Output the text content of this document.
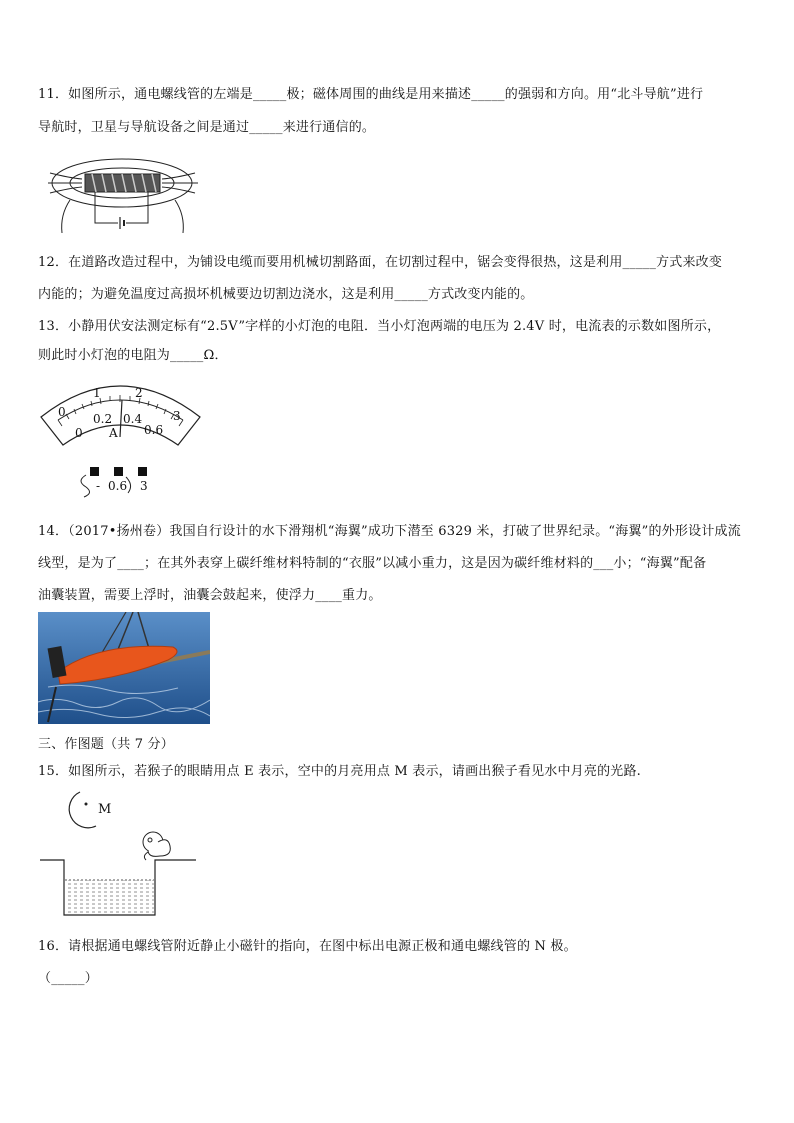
11．如图所示，通电螺线管的左端是_____极；磁体周围的曲线是用来描述_____的强弱和方向。用“北斗导航”进行
导航时，卫星与导航设备之间是通过_____来进行通信的。
12．在道路改造过程中，为铺设电缆而要用机械切割路面，在切割过程中，锯会变得很热，这是利用_____方式来改变
内能的；为避免温度过高损坏机械要边切割边浇水，这是利用_____方式改变内能的。
13．小静用伏安法测定标有“2.5V”字样的小灯泡的电阻．当小灯泡两端的电压为 2.4V 时，电流表的示数如图所示，
则此时小灯泡的电阻为_____Ω．
0
1	2
3
0
0.2 0.4
0.6
A
- 0.6 3
14．（2017•扬州卷）我国自行设计的水下滑翔机“海翼”成功下潜至 6329 米，打破了世界纪录。“海翼”的外形设计成流
线型，是为了____；在其外表穿上碳纤维材料特制的“衣服”以减小重力，这是因为碳纤维材料的___小；“海翼”配备
油囊装置，需要上浮时，油囊会鼓起来，使浮力____重力。
三、作图题（共 7 分）
15．如图所示，若猴子的眼睛用点 E 表示，空中的月亮用点 M 表示，请画出猴子看见水中月亮的光路.
M
16．请根据通电螺线管附近静止小磁针的指向，在图中标出电源正极和通电螺线管的 N 极。
（_____）
